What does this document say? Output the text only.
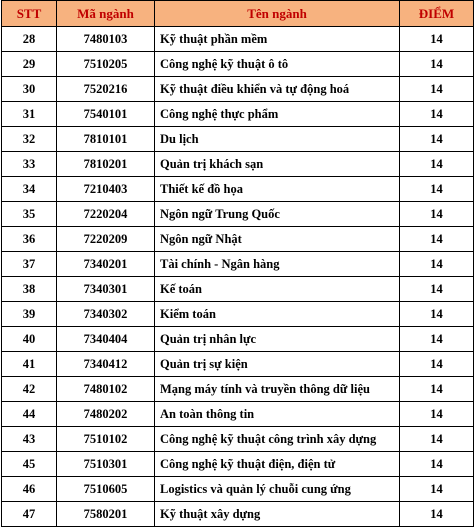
STT	Mã ngành	Tên ngành	ĐIỂM
28	7480103	Kỹ thuật phần mềm	14
29	7510205	Công nghệ kỹ thuật ô tô	14
30	7520216	Kỹ thuật điều khiển và tự động hoá	14
31	7540101	Công nghệ thực phẩm	14
32	7810101	Du lịch	14
33	7810201	Quản trị khách sạn	14
34	7210403	Thiết kế đồ họa	14
35	7220204	Ngôn ngữ Trung Quốc	14
36	7220209	Ngôn ngữ Nhật	14
37	7340201	Tài chính - Ngân hàng	14
38	7340301	Kế toán	14
39	7340302	Kiểm toán	14
40	7340404	Quản trị nhân lực	14
41	7340412	Quản trị sự kiện	14
42	7480102	Mạng máy tính và truyền thông dữ liệu	14
44	7480202	An toàn thông tin	14
43	7510102	Công nghệ kỹ thuật công trình xây dựng	14
45	7510301	Công nghệ kỹ thuật điện, điện tử	14
46	7510605	Logistics và quản lý chuỗi cung ứng	14
47	7580201	Kỹ thuật xây dựng	14
